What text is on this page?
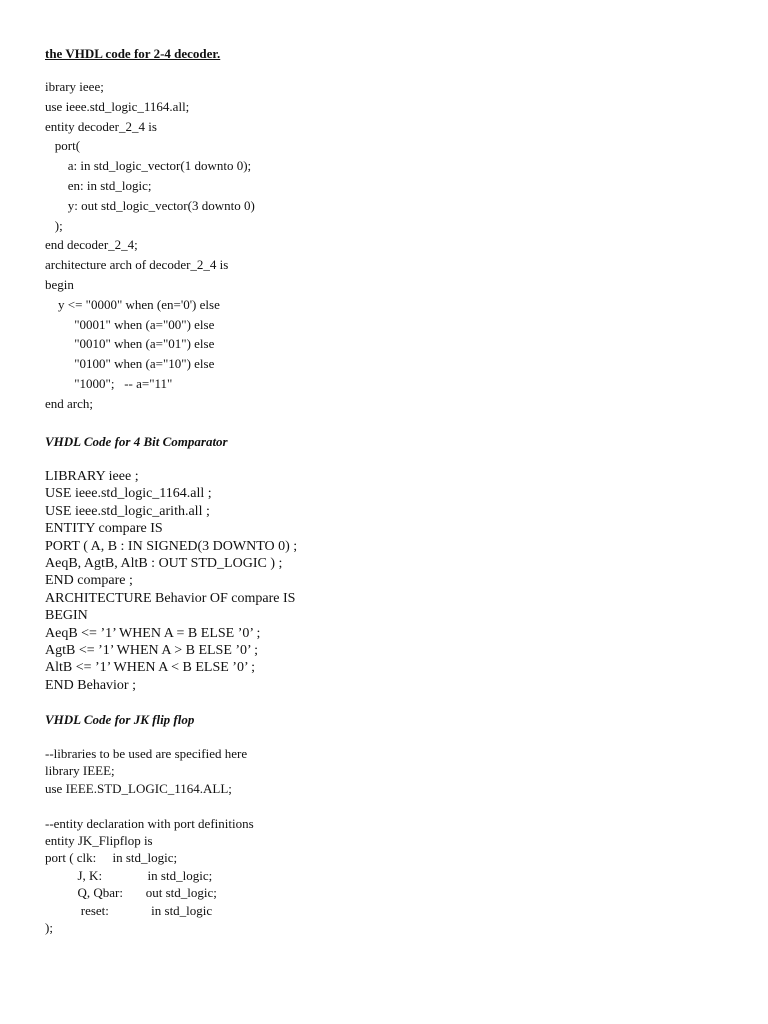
the VHDL code for 2-4 decoder.
ibrary ieee;
use ieee.std_logic_1164.all;
entity decoder_2_4 is
port(
a: in std_logic_vector(1 downto 0);
en: in std_logic;
y: out std_logic_vector(3 downto 0)
);
end decoder_2_4;
architecture arch of decoder_2_4 is
begin
y <= "0000" when (en='0') else
"0001" when (a="00") else
"0010" when (a="01") else
"0100" when (a="10") else
"1000";   -- a="11"
end arch;
VHDL Code for 4 Bit Comparator
LIBRARY ieee ;
USE ieee.std_logic_1164.all ;
USE ieee.std_logic_arith.all ;
ENTITY compare IS
PORT ( A, B : IN SIGNED(3 DOWNTO 0) ;
AeqB, AgtB, AltB : OUT STD_LOGIC ) ;
END compare ;
ARCHITECTURE Behavior OF compare IS
BEGIN
AeqB <= ’1’ WHEN A = B ELSE ’0’ ;
AgtB <= ’1’ WHEN A > B ELSE ’0’ ;
AltB <= ’1’ WHEN A < B ELSE ’0’ ;
END Behavior ;
VHDL Code for JK flip flop
--libraries to be used are specified here
library IEEE;
use IEEE.STD_LOGIC_1164.ALL;
--entity declaration with port definitions
entity JK_Flipflop is
port ( clk:     in std_logic;
J, K:              in std_logic;
Q, Qbar:       out std_logic;
reset:             in std_logic
);
